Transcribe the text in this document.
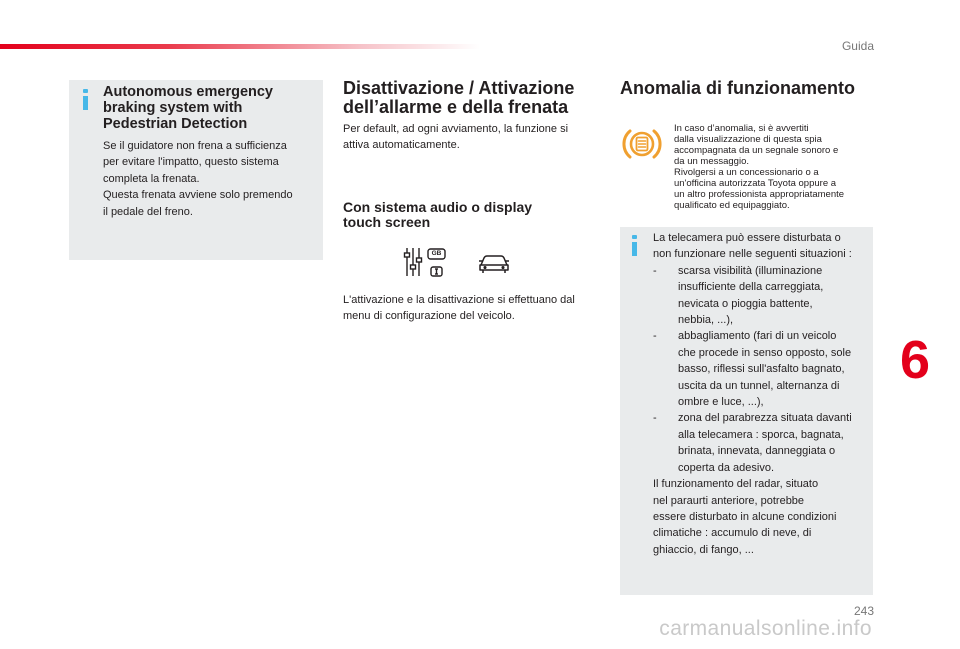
Guida
Autonomous emergency
braking system with
Pedestrian Detection
Se il guidatore non frena a sufficienza
per evitare l'impatto, questo sistema
completa la frenata.
Questa frenata avviene solo premendo
il pedale del freno.
Disattivazione / Attivazione
dell’allarme e della frenata
Per default, ad ogni avviamento, la funzione si
attiva automaticamente.
Con sistema audio o display
touch screen
GB
L'attivazione e la disattivazione si effettuano dal
menu di configurazione del veicolo.
Anomalia di funzionamento
In caso d’anomalia, si è avvertiti
dalla visualizzazione di questa spia
accompagnata da un segnale sonoro e
da un messaggio.
Rivolgersi a un concessionario o a
un'officina autorizzata Toyota oppure a
un altro professionista appropriatamente
qualificato ed equipaggiato.
La telecamera può essere disturbata o
non funzionare nelle seguenti situazioni :
- scarsa visibilità (illuminazione
insufficiente della carreggiata,
nevicata o pioggia battente,
nebbia, ...),
- abbagliamento (fari di un veicolo
che procede in senso opposto, sole
basso, riflessi sull'asfalto bagnato,
uscita da un tunnel, alternanza di
ombre e luce, ...),
- zona del parabrezza situata davanti
alla telecamera : sporca, bagnata,
brinata, innevata, danneggiata o
coperta da adesivo.
Il funzionamento del radar, situato
nel paraurti anteriore, potrebbe
essere disturbato in alcune condizioni
climatiche : accumulo di neve, di
ghiaccio, di fango, ...
6
243
carmanualsonline.info
